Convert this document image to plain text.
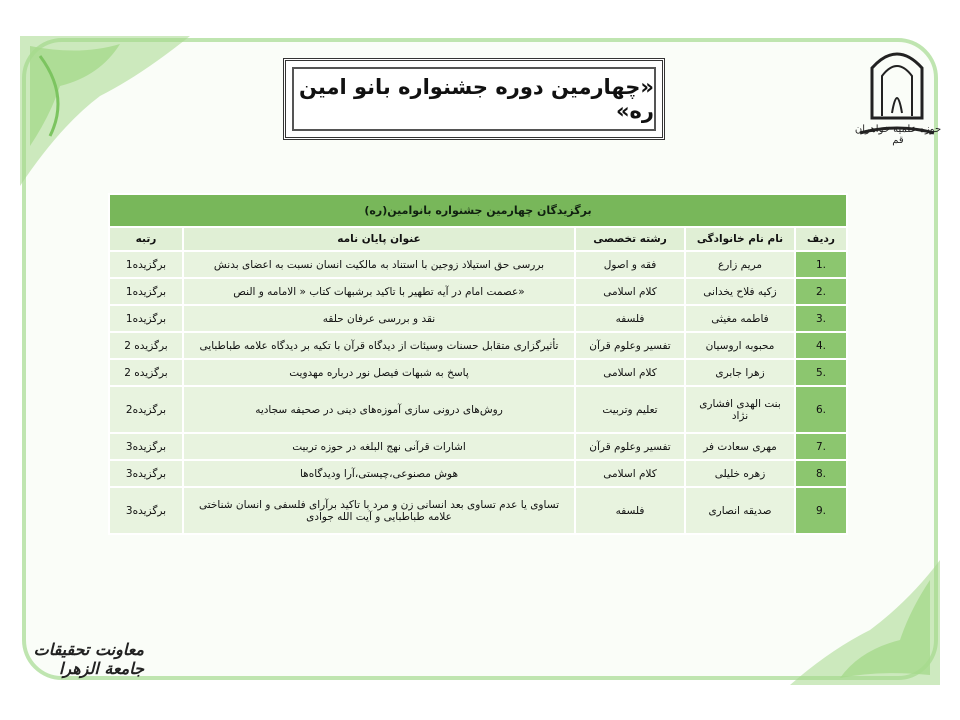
حوزه علمیه خواهران قم
«چهارمین دوره جشنواره بانو امین ره»
برگزیدگان چهارمین جشنواره بانوامین(ره)				
ردیف	نام نام خانوادگی	رشته تخصصی	عنوان پایان نامه	رتبه
.1	مریم زارع	فقه و اصول	بررسی حق استیلاد زوجین با استناد به مالکیت انسان نسبت به اعضای بدنش	برگزیده1
.2	زکیه فلاح یخدانی	کلام اسلامی	«عصمت امام در آیه تطهیر با تاکید برشبهات کتاب « الامامه و النص	برگزیده1
.3	فاطمه مغیثی	فلسفه	نقد و بررسی عرفان حلقه	برگزیده1
.4	محبوبه اروسیان	تفسیر وعلوم قرآن	تأثیرگزاری متقابل حسنات وسیئات از دیدگاه قرآن با تکیه بر دیدگاه علامه طباطبایی	برگزیده 2
.5	زهرا جابری	کلام اسلامی	پاسخ به شبهات فیصل نور درباره مهدویت	برگزیده 2
.6	بنت الهدی افشاری نژاد	تعلیم وتربیت	روش‌های درونی سازی آموزه‌های دینی در صحیفه سجادیه	برگزیده2
.7	مهری سعادت فر	تفسیر وعلوم قرآن	اشارات قرآنی نهج البلغه در حوزه تربیت	برگزیده3
.8	زهره خلیلی	کلام اسلامی	هوش مصنوعی،چیستی،آرا ودیدگاه‌ها	برگزیده3
.9	صدیقه انصاری	فلسفه	تساوی یا عدم تساوی بعد انسانی زن و مرد با تاکید برآرای فلسفی و انسان شناختی علامه طباطبایی و آیت الله جوادی	برگزیده3
معاونت تحقیقات جامعة الزهرا
